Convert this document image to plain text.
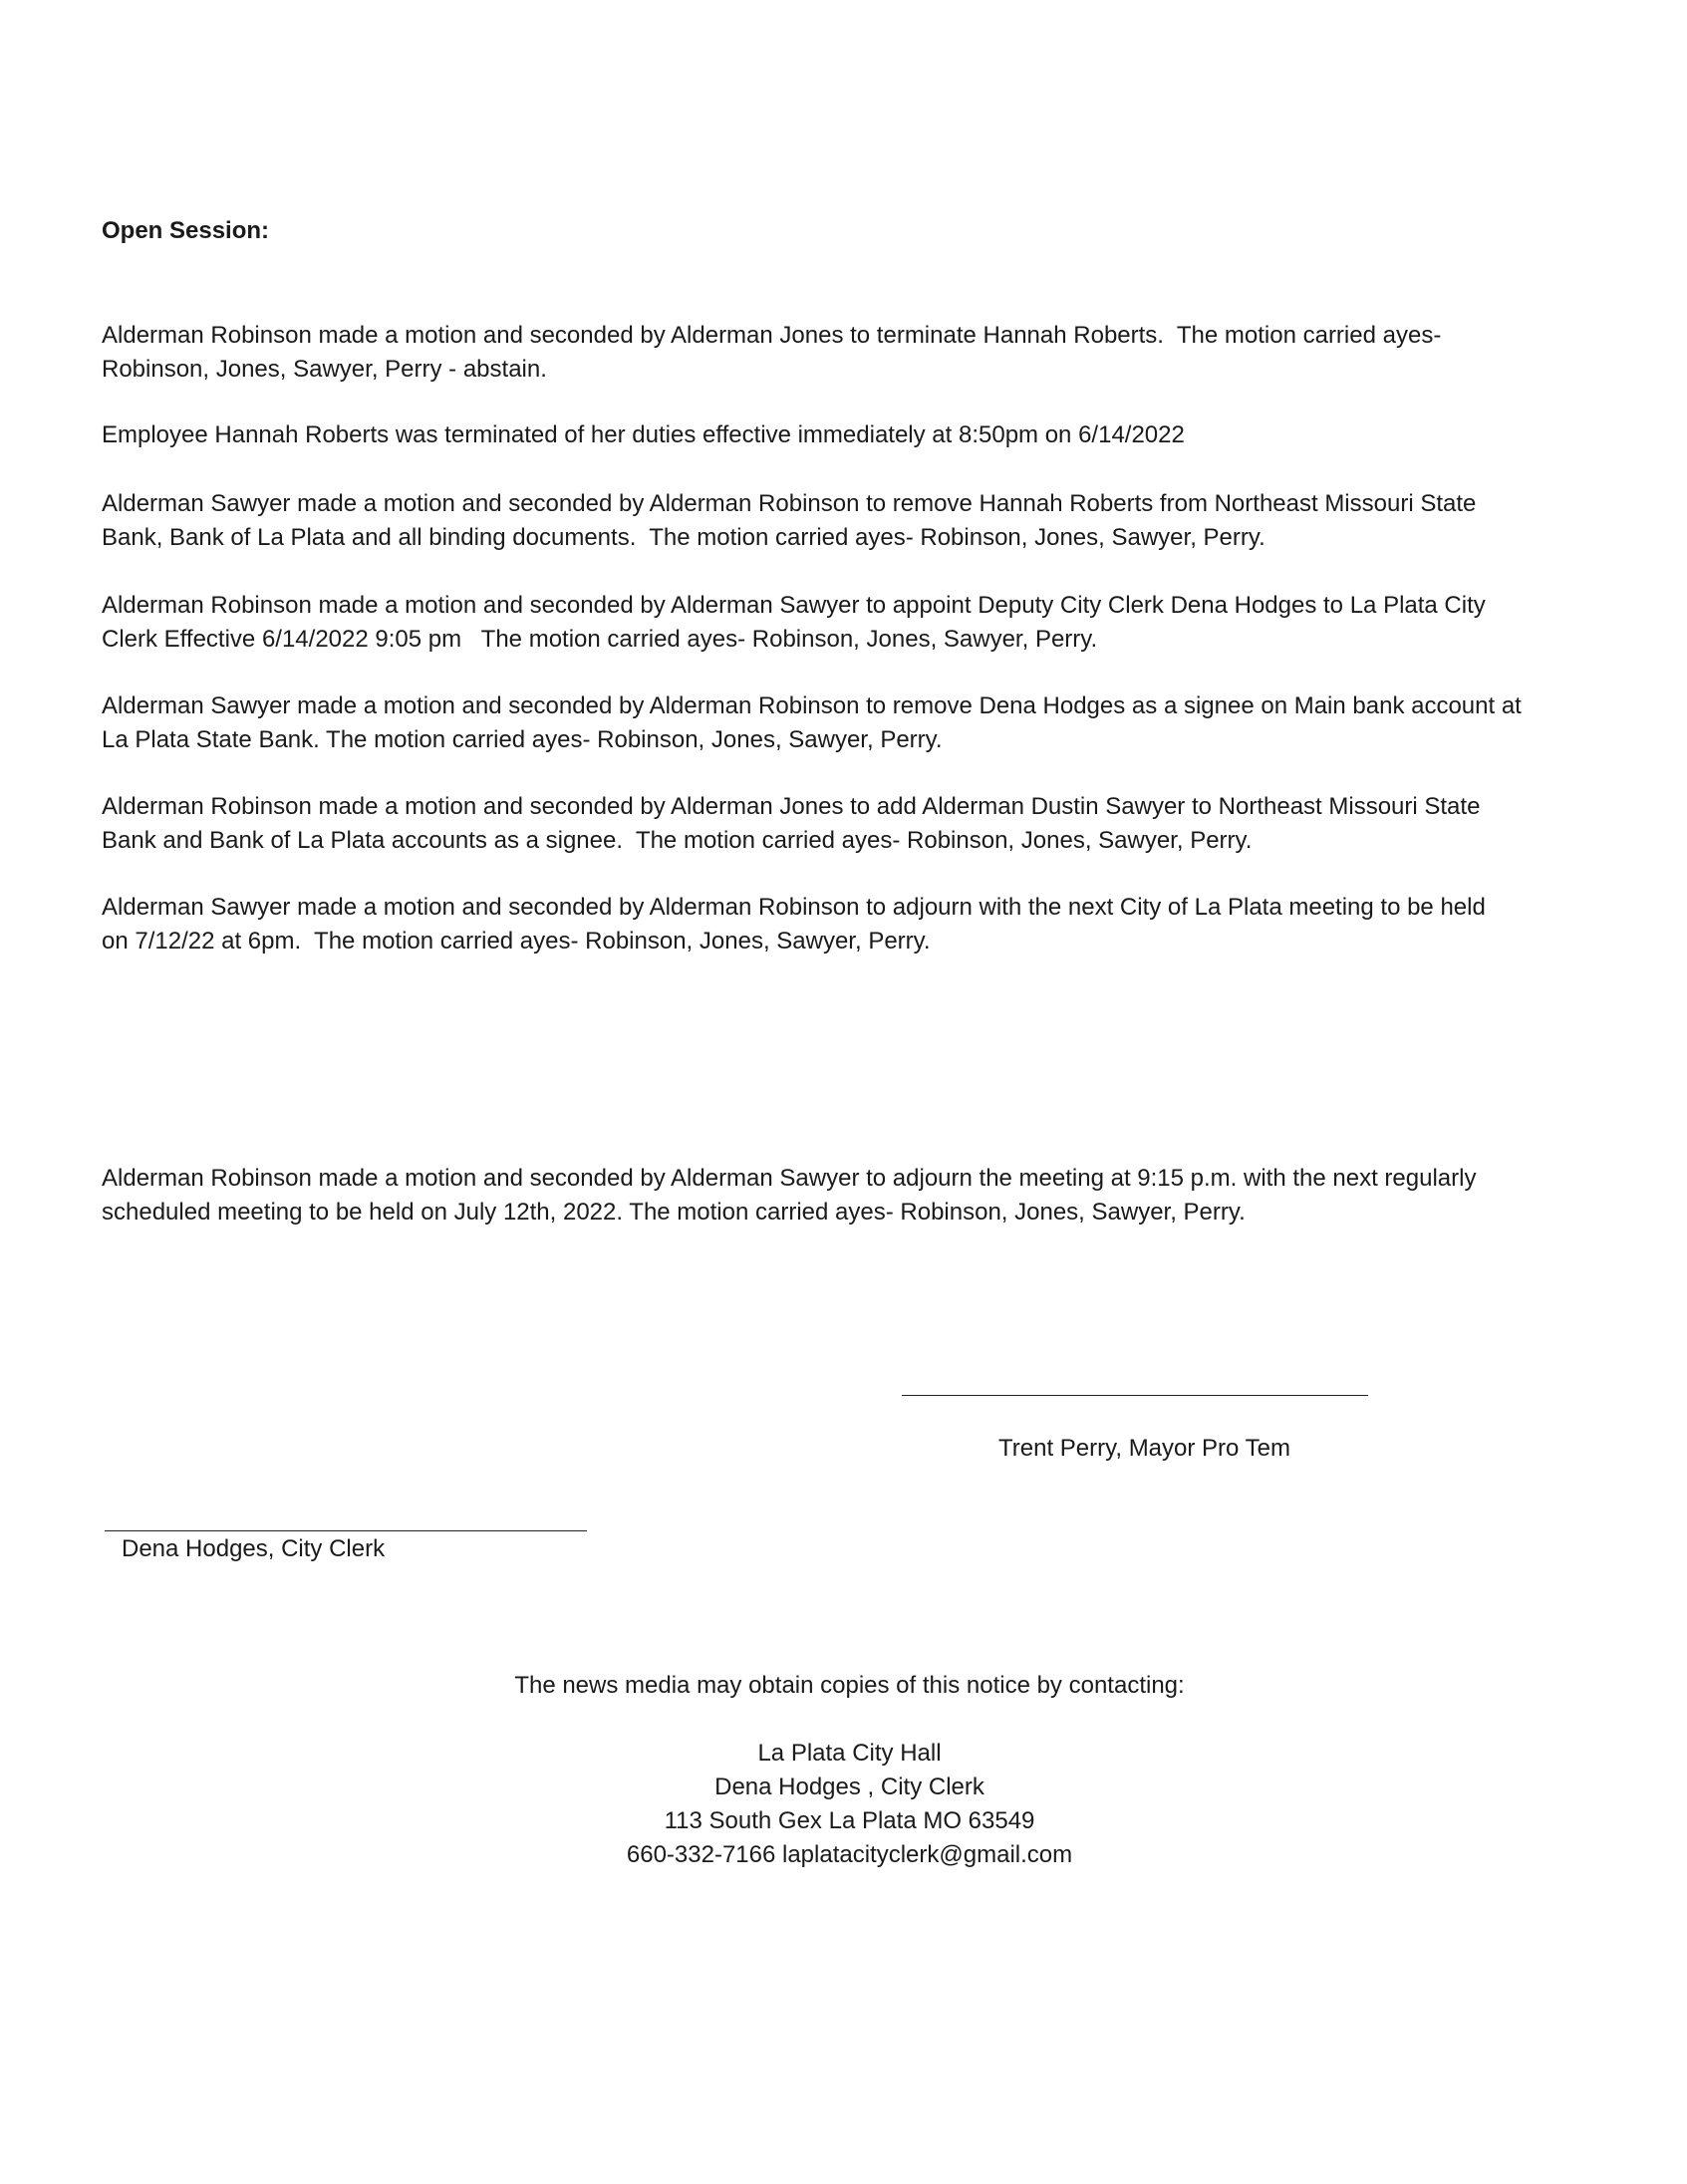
Open Session:

Alderman Robinson made a motion and seconded by Alderman Jones to terminate Hannah Roberts.  The motion carried ayes-
Robinson, Jones, Sawyer, Perry - abstain.

Employee Hannah Roberts was terminated of her duties effective immediately at 8:50pm on 6/14/2022

Alderman Sawyer made a motion and seconded by Alderman Robinson to remove Hannah Roberts from Northeast Missouri State
Bank, Bank of La Plata and all binding documents.  The motion carried ayes- Robinson, Jones, Sawyer, Perry.

Alderman Robinson made a motion and seconded by Alderman Sawyer to appoint Deputy City Clerk Dena Hodges to La Plata City
Clerk Effective 6/14/2022 9:05 pm   The motion carried ayes- Robinson, Jones, Sawyer, Perry.

Alderman Sawyer made a motion and seconded by Alderman Robinson to remove Dena Hodges as a signee on Main bank account at
La Plata State Bank. The motion carried ayes- Robinson, Jones, Sawyer, Perry.

Alderman Robinson made a motion and seconded by Alderman Jones to add Alderman Dustin Sawyer to Northeast Missouri State
Bank and Bank of La Plata accounts as a signee.  The motion carried ayes- Robinson, Jones, Sawyer, Perry.

Alderman Sawyer made a motion and seconded by Alderman Robinson to adjourn with the next City of La Plata meeting to be held
on 7/12/22 at 6pm.  The motion carried ayes- Robinson, Jones, Sawyer, Perry.

Alderman Robinson made a motion and seconded by Alderman Sawyer to adjourn the meeting at 9:15 p.m. with the next regularly
scheduled meeting to be held on July 12th, 2022. The motion carried ayes- Robinson, Jones, Sawyer, Perry.

Trent Perry, Mayor Pro Tem

Dena Hodges, City Clerk

The news media may obtain copies of this notice by contacting:

La Plata City Hall

Dena Hodges , City Clerk

113 South Gex La Plata MO 63549

660-332-7166 laplatacityclerk@gmail.com
